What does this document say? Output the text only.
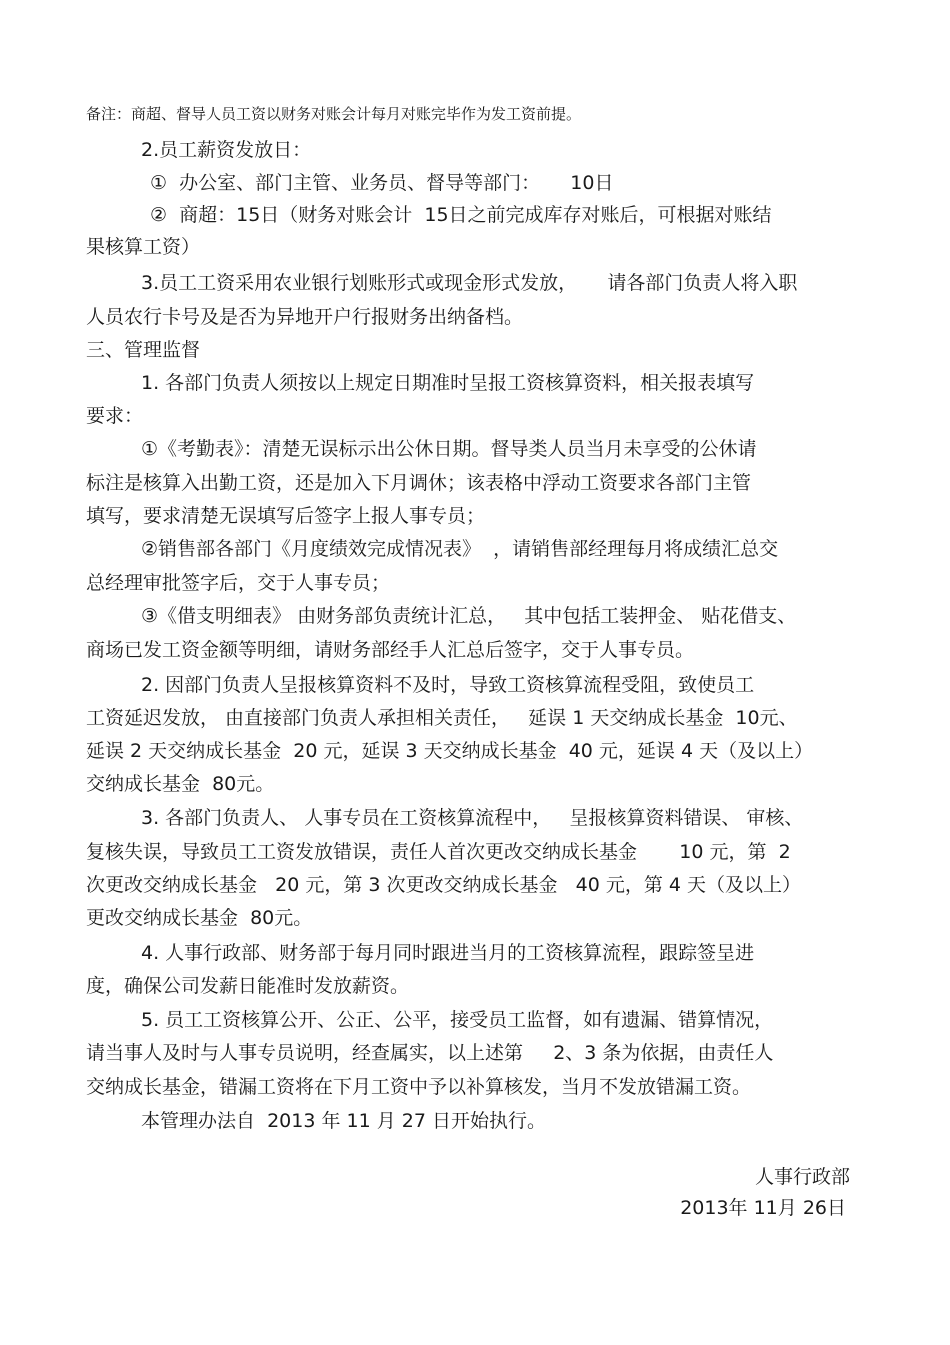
备注：商超、督导人员工资以财务对账会计每月对账完毕作为发工资前提。
2.员工薪资发放日：
①  办公室、部门主管、业务员、督导等部门：     10日
②  商超：15日（财务对账会计  15日之前完成库存对账后，可根据对账结
果核算工资）
3.员工工资采用农业银行划账形式或现金形式发放，     请各部门负责人将入职
人员农行卡号及是否为异地开户行报财务出纳备档。
三、管理监督
1. 各部门负责人须按以上规定日期准时呈报工资核算资料，相关报表填写
要求：
①《考勤表》：清楚无误标示出公休日期。督导类人员当月未享受的公休请
标注是核算入出勤工资，还是加入下月调休；该表格中浮动工资要求各部门主管
填写，要求清楚无误填写后签字上报人事专员；
②销售部各部门《月度绩效完成情况表》  ，请销售部经理每月将成绩汇总交
总经理审批签字后，交于人事专员；
③《借支明细表》 由财务部负责统计汇总，   其中包括工装押金、 贴花借支、
商场已发工资金额等明细，请财务部经手人汇总后签字，交于人事专员。
2. 因部门负责人呈报核算资料不及时，导致工资核算流程受阻，致使员工
工资延迟发放， 由直接部门负责人承担相关责任，   延误 1 天交纳成长基金  10元、
延误 2 天交纳成长基金  20 元，延误 3 天交纳成长基金  40 元，延误 4 天（及以上）
交纳成长基金  80元。
3. 各部门负责人、 人事专员在工资核算流程中，   呈报核算资料错误、 审核、
复核失误，导致员工工资发放错误，责任人首次更改交纳成长基金       10 元，第  2
次更改交纳成长基金   20 元，第 3 次更改交纳成长基金   40 元，第 4 天（及以上）
更改交纳成长基金  80元。
4. 人事行政部、财务部于每月同时跟进当月的工资核算流程，跟踪签呈进
度，确保公司发薪日能准时发放薪资。
5. 员工工资核算公开、公正、公平，接受员工监督，如有遗漏、错算情况，
请当事人及时与人事专员说明，经查属实，以上述第     2、3 条为依据，由责任人
交纳成长基金，错漏工资将在下月工资中予以补算核发，当月不发放错漏工资。
本管理办法自  2013 年 11 月 27 日开始执行。
人事行政部
2013年 11月 26日
